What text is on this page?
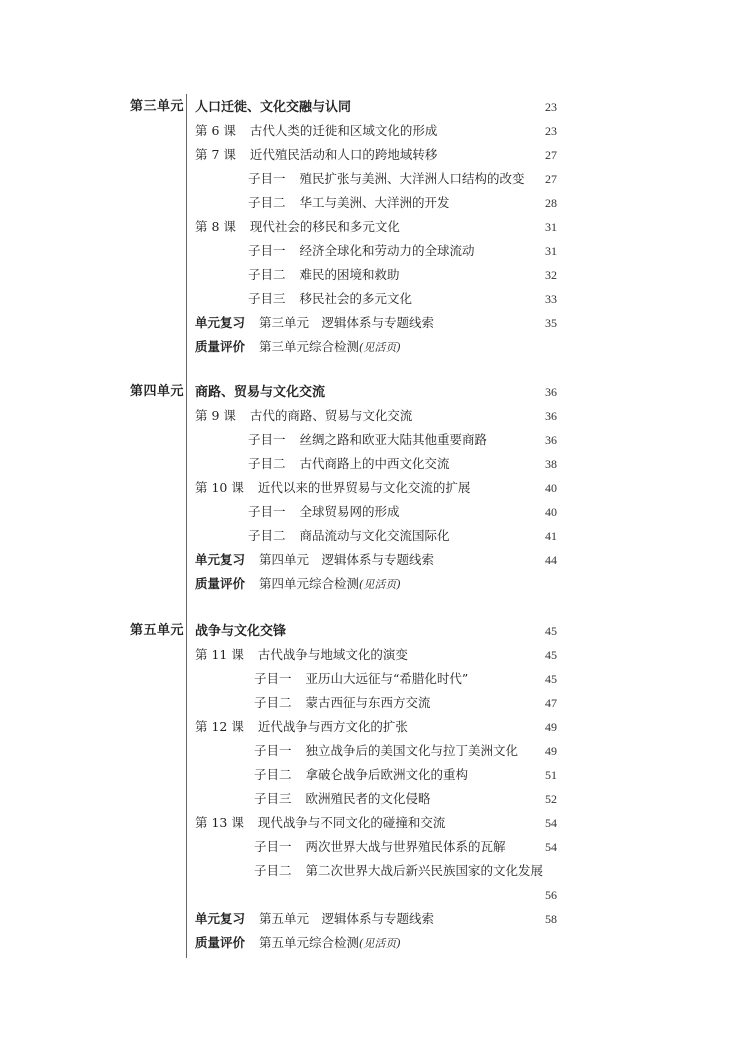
第三单元 人口迁徙、文化交融与认同	23
第 6 课 古代人类的迁徙和区域文化的形成	23
第 7 课 近代殖民活动和人口的跨地域转移	27
子目一 殖民扩张与美洲、大洋洲人口结构的改变 27
子目二 华工与美洲、大洋洲的开发	28
第 8 课 现代社会的移民和多元文化	31
子目一 经济全球化和劳动力的全球流动	31
子目二 难民的困境和救助	32
子目三 移民社会的多元文化	33
单元复习 第三单元　逻辑体系与专题线索	35
质量评价 第三单元综合检测(见活页)
第四单元 商路、贸易与文化交流	36
第 9 课 古代的商路、贸易与文化交流	36
子目一 丝绸之路和欧亚大陆其他重要商路	36
子目二 古代商路上的中西文化交流	38
第 10 课 近代以来的世界贸易与文化交流的扩展	40
子目一 全球贸易网的形成	40
子目二 商品流动与文化交流国际化	41
单元复习 第四单元　逻辑体系与专题线索	44
质量评价 第四单元综合检测(见活页)
第五单元 战争与文化交锋	45
第 11 课 古代战争与地域文化的演变	45
子目一 亚历山大远征与“希腊化时代”	45
子目二 蒙古西征与东西方交流	47
第 12 课 近代战争与西方文化的扩张	49
子目一 独立战争后的美国文化与拉丁美洲文化 49
子目二 拿破仑战争后欧洲文化的重构	51
子目三 欧洲殖民者的文化侵略	52
第 13 课 现代战争与不同文化的碰撞和交流	54
子目一 两次世界大战与世界殖民体系的瓦解	54
子目二 第二次世界大战后新兴民族国家的文化发展
56
单元复习 第五单元　逻辑体系与专题线索	58
质量评价 第五单元综合检测(见活页)
